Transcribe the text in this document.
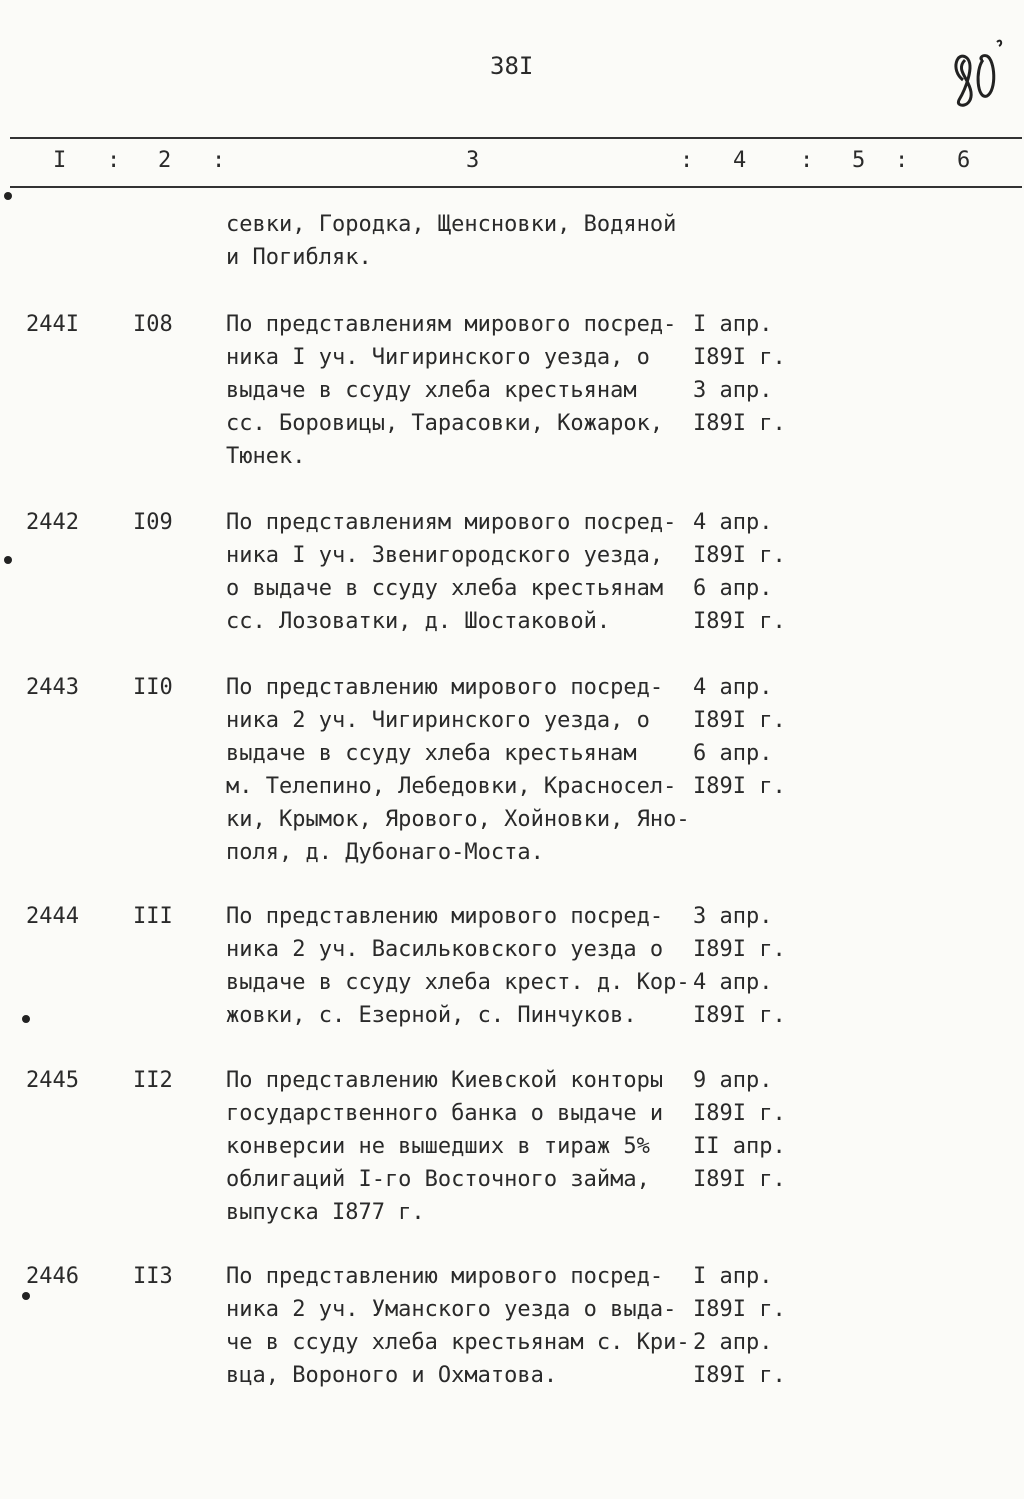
38I
I : 2 :	3	: 4 : 5 : 6
севки, Городка, Щенсновки, Водяной
и Погибляк.
244I I08 По представлениям мирового посред-
ника I уч. Чигиринского уезда, о
выдаче в ссуду хлеба крестьянам
сс. Боровицы, Тарасовки, Кожарок,
Тюнек.
I апр.
I89I г.
3 апр.
I89I г.
2442 I09 По представлениям мирового посред-
ника I уч. Звенигородского уезда,
о выдаче в ссуду хлеба крестьянам
сс. Лозоватки, д. Шостаковой.
4 апр.
I89I г.
6 апр.
I89I г.
2443 II0 По представлению мирового посред-
ника 2 уч. Чигиринского уезда, о
выдаче в ссуду хлеба крестьянам
м. Телепино, Лебедовки, Красносел-
ки, Крымок, Ярового, Хойновки, Яно-
поля, д. Дубонаго-Моста.
4 апр.
I89I г.
6 апр.
I89I г.
2444 III По представлению мирового посред-
ника 2 уч. Васильковского уезда о
выдаче в ссуду хлеба крест. д. Кор-
жовки, с. Езерной, с. Пинчуков.
3 апр.
I89I г.
4 апр.
I89I г.
2445 II2 По представлению Киевской конторы
государственного банка о выдаче и
конверсии не вышедших в тираж 5%
облигаций I-го Восточного займа,
выпуска I877 г.
9 апр.
I89I г.
II апр.
I89I г.
2446 II3 По представлению мирового посред-
ника 2 уч. Уманского уезда о выда-
че в ссуду хлеба крестьянам с. Кри-
вца, Вороного и Охматова.
I апр.
I89I г.
2 апр.
I89I г.
